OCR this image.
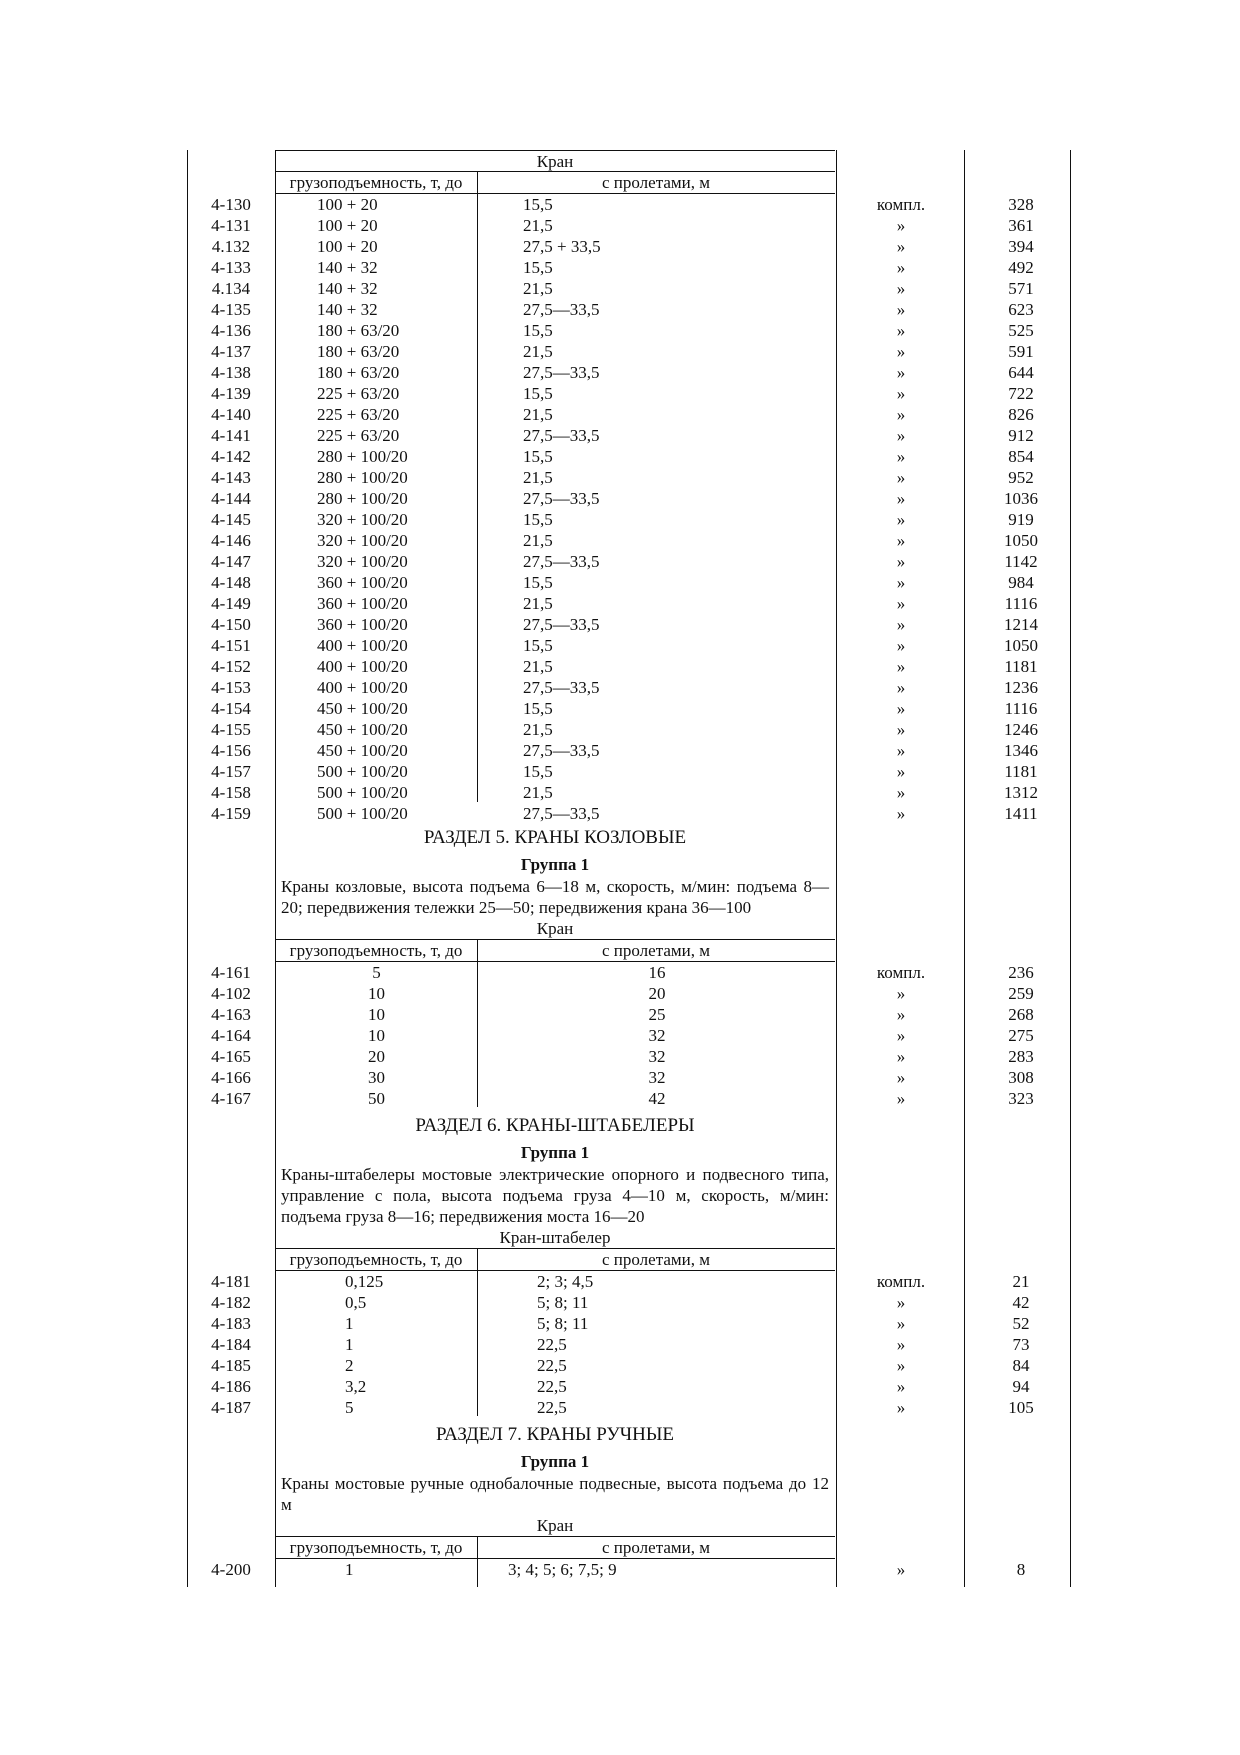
Кран
грузоподъемность, т, до	с пролетами, м
4-130	100 + 20	15,5	компл.	328
4-131	100 + 20	21,5	»	361
4.132	100 + 20	27,5 + 33,5	»	394
4-133	140 + 32	15,5	»	492
4.134	140 + 32	21,5	»	571
4-135	140 + 32	27,5—33,5	»	623
4-136	180 + 63/20	15,5	»	525
4-137	180 + 63/20	21,5	»	591
4-138	180 + 63/20	27,5—33,5	»	644
4-139	225 + 63/20	15,5	»	722
4-140	225 + 63/20	21,5	»	826
4-141	225 + 63/20	27,5—33,5	»	912
4-142	280 + 100/20	15,5	»	854
4-143	280 + 100/20	21,5	»	952
4-144	280 + 100/20	27,5—33,5	»	1036
4-145	320 + 100/20	15,5	»	919
4-146	320 + 100/20	21,5	»	1050
4-147	320 + 100/20	27,5—33,5	»	1142
4-148	360 + 100/20	15,5	»	984
4-149	360 + 100/20	21,5	»	1116
4-150	360 + 100/20	27,5—33,5	»	1214
4-151	400 + 100/20	15,5	»	1050
4-152	400 + 100/20	21,5	»	1181
4-153	400 + 100/20	27,5—33,5	»	1236
4-154	450 + 100/20	15,5	»	1116
4-155	450 + 100/20	21,5	»	1246
4-156	450 + 100/20	27,5—33,5	»	1346
4-157	500 + 100/20	15,5	»	1181
4-158	500 + 100/20	21,5	»	1312
4-159	500 + 100/20	27,5—33,5	»	1411
РАЗДЕЛ 5. КРАНЫ КОЗЛОВЫЕ
Группа 1
Краны козловые, высота подъема 6—18 м, скорость, м/мин: подъема 8—20; передвижения тележки 25—50; передвижения крана 36—100
Кран
грузоподъемность, т, до	с пролетами, м
4-161	5	16	компл.	236
4-102	10	20	»	259
4-163	10	25	»	268
4-164	10	32	»	275
4-165	20	32	»	283
4-166	30	32	»	308
4-167	50	42	»	323
РАЗДЕЛ 6. КРАНЫ-ШТАБЕЛЕРЫ
Группа 1
Краны-штабелеры мостовые электрические опорного и подвесного типа, управление с пола, высота подъема груза 4—10 м, скорость, м/мин: подъема груза 8—16; передвижения моста 16—20
Кран-штабелер
грузоподъемность, т, до	с пролетами, м
4-181	0,125	2; 3; 4,5	компл.	21
4-182	0,5	5; 8; 11	»	42
4-183	1	5; 8; 11	»	52
4-184	1	22,5	»	73
4-185	2	22,5	»	84
4-186	3,2	22,5	»	94
4-187	5	22,5	»	105
РАЗДЕЛ 7. КРАНЫ РУЧНЫЕ
Группа 1
Краны мостовые ручные однобалочные подвесные, высота подъема до 12 м
Кран
грузоподъемность, т, до	с пролетами, м
4-200	1	3; 4; 5; 6; 7,5; 9	»	8
